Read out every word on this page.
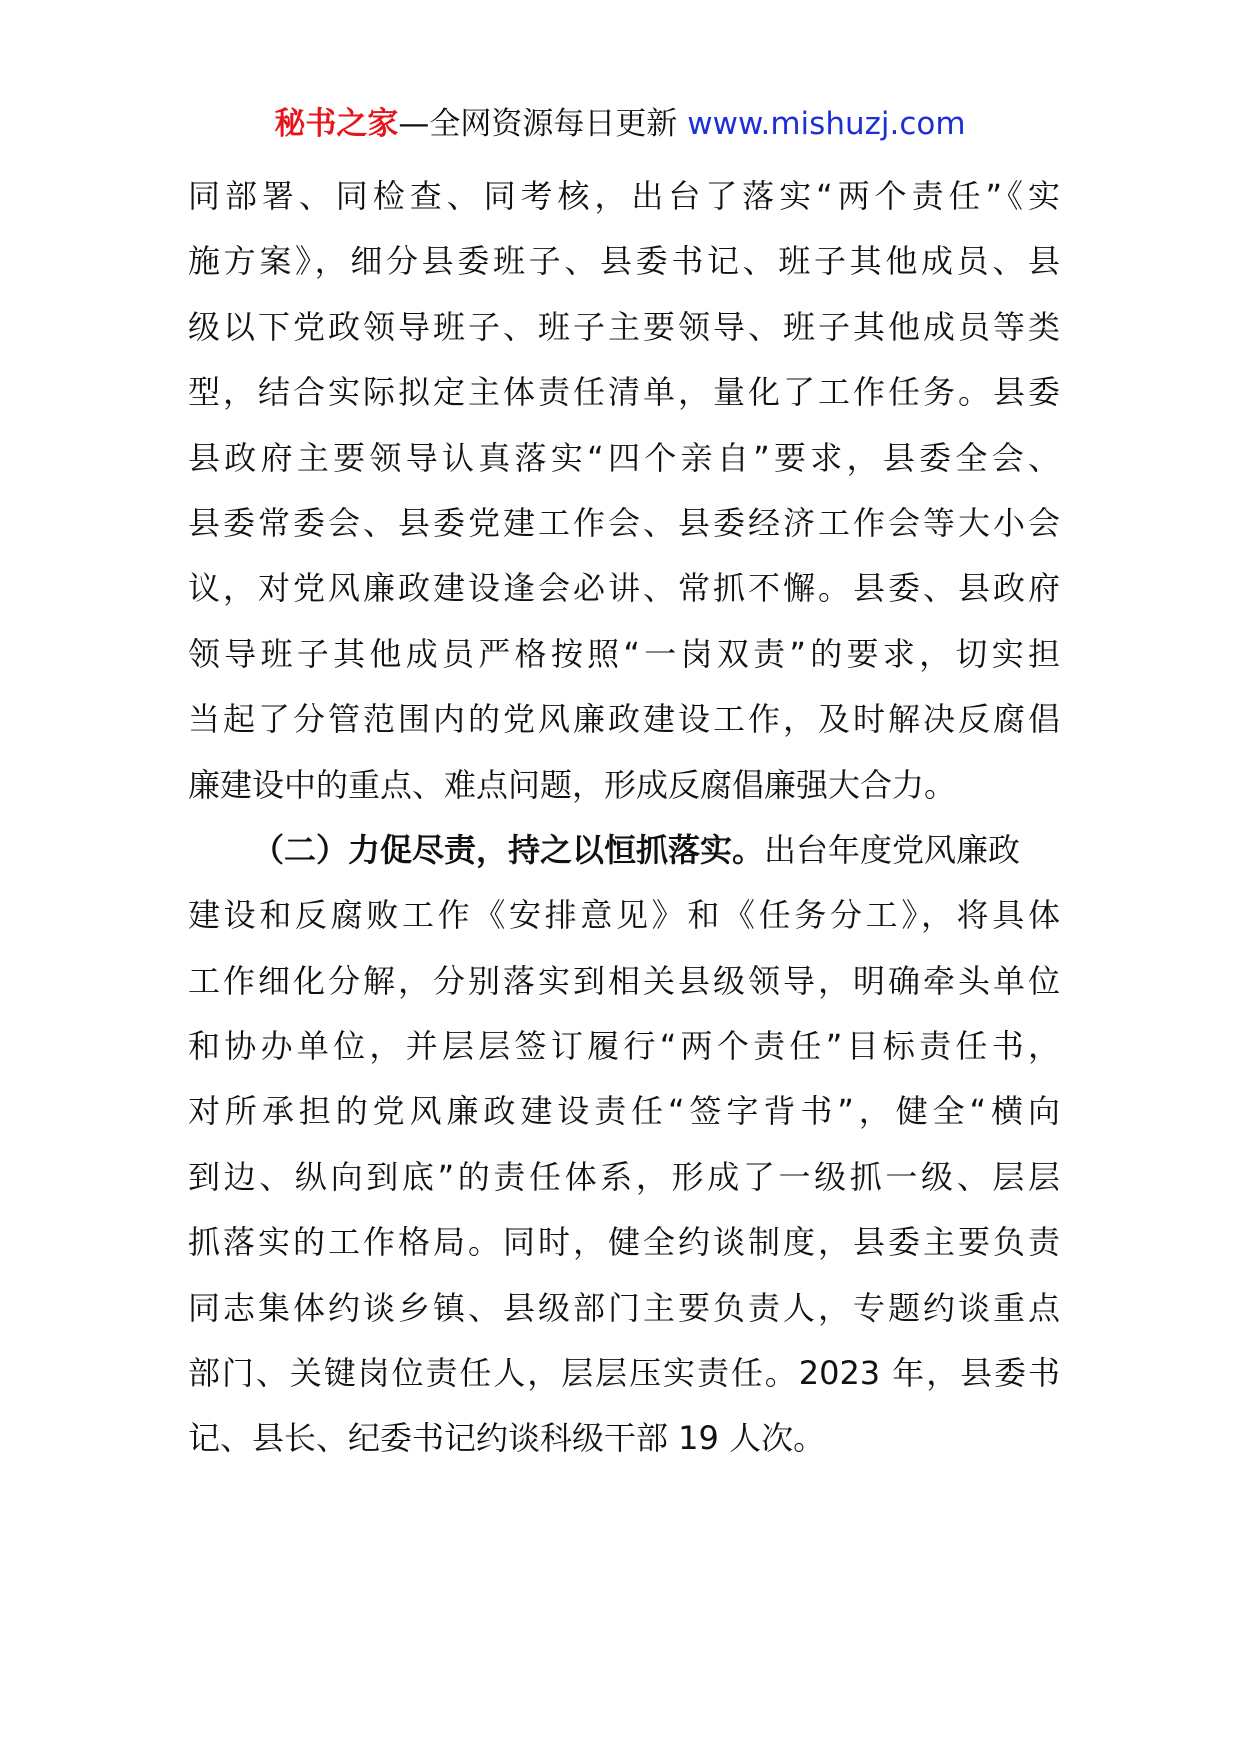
秘书之家—全网资源每日更新 www.mishuzj.com
同部署、同检查、同考核，出台了落实“两个责任”《实
施方案》，细分县委班子、县委书记、班子其他成员、县
级以下党政领导班子、班子主要领导、班子其他成员等类
型，结合实际拟定主体责任清单，量化了工作任务。县委
县政府主要领导认真落实“四个亲自”要求，县委全会、
县委常委会、县委党建工作会、县委经济工作会等大小会
议，对党风廉政建设逢会必讲、常抓不懈。县委、县政府
领导班子其他成员严格按照“一岗双责”的要求，切实担
当起了分管范围内的党风廉政建设工作，及时解决反腐倡
廉建设中的重点、难点问题，形成反腐倡廉强大合力。
（二）力促尽责，持之以恒抓落实。出台年度党风廉政
建设和反腐败工作《安排意见》和《任务分工》，将具体
工作细化分解，分别落实到相关县级领导，明确牵头单位
和协办单位，并层层签订履行“两个责任”目标责任书，
对所承担的党风廉政建设责任“签字背书”，健全“横向
到边、纵向到底”的责任体系，形成了一级抓一级、层层
抓落实的工作格局。同时，健全约谈制度，县委主要负责
同志集体约谈乡镇、县级部门主要负责人，专题约谈重点
部门、关键岗位责任人，层层压实责任。2023 年，县委书
记、县长、纪委书记约谈科级干部 19 人次。
